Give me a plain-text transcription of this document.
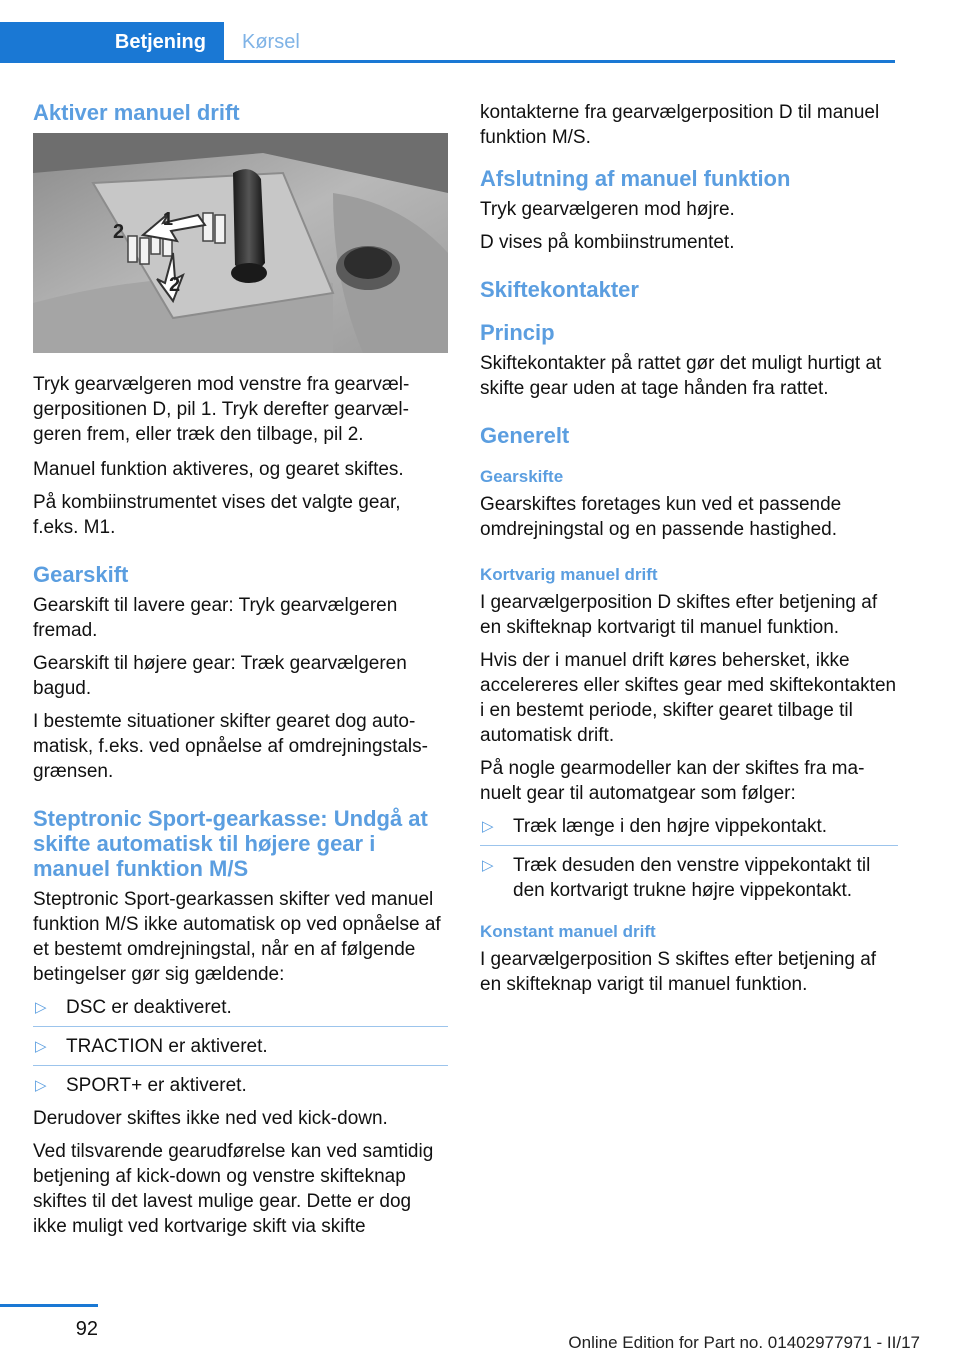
Betjening	Kørsel
Aktiver manuel drift
2
1
2

Tryk gearvælgeren mod venstre fra gearvælgerpositionen D, pil 1. Tryk derefter gearvælgeren frem, eller træk den tilbage, pil 2.

Manuel funktion aktiveres, og gearet skiftes.

På kombiinstrumentet vises det valgte gear, f.eks. M1.

Gearskift

Gearskift til lavere gear: Tryk gearvælgeren fremad.

Gearskift til højere gear: Træk gearvælgeren bagud.

I bestemte situationer skifter gearet dog automatisk, f.eks. ved opnåelse af omdrejningstalsgrænsen.

Steptronic Sport-gearkasse: Undgå at skifte automatisk til højere gear i manuel funktion M/S

Steptronic Sport-gearkassen skifter ved manuel funktion M/S ikke automatisk op ved opnåelse af et bestemt omdrejningstal, når en af følgende betingelser gør sig gældende:

▷ DSC er deaktiveret.
▷ TRACTION er aktiveret.
▷ SPORT+ er aktiveret.

Derudover skiftes ikke ned ved kick-down.

Ved tilsvarende gearudførelse kan ved samtidig betjening af kick-down og venstre skifteknap skiftes til det lavest mulige gear. Dette er dog ikke muligt ved kortvarige skift via skifte

kontakterne fra gearvælgerposition D til manuel funktion M/S.

Afslutning af manuel funktion

Tryk gearvælgeren mod højre.

D vises på kombiinstrumentet.

Skiftekontakter
Princip

Skiftekontakter på rattet gør det muligt hurtigt at skifte gear uden at tage hånden fra rattet.

Generelt
Gearskifte

Gearskiftes foretages kun ved et passende omdrejningstal og en passende hastighed.

Kortvarig manuel drift

I gearvælgerposition D skiftes efter betjening af en skifteknap kortvarigt til manuel funktion.

Hvis der i manuel drift køres behersket, ikke accelereres eller skiftes gear med skiftekontakten i en bestemt periode, skifter gearet tilbage til automatisk drift.

På nogle gearmodeller kan der skiftes fra manuelt gear til automatgear som følger:

▷ Træk længe i den højre vippekontakt.
▷ Træk desuden den venstre vippekontakt til den kortvarigt trukne højre vippekontakt.
Konstant manuel drift

I gearvælgerposition S skiftes efter betjening af en skifteknap varigt til manuel funktion.

92
Online Edition for Part no. 01402977971 - II/17
